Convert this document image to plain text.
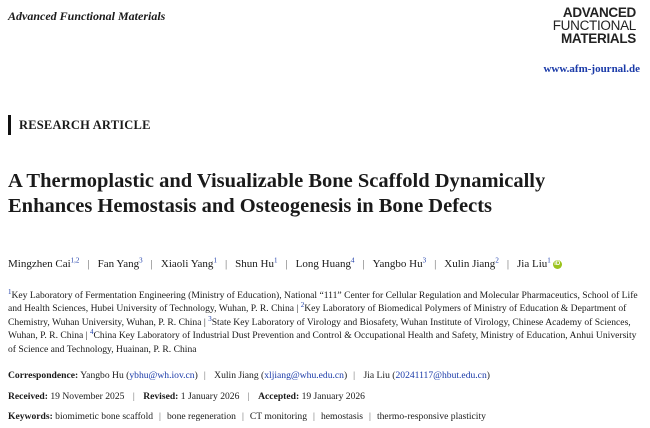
Advanced Functional Materials	ADVANCED
FUNCTIONAL
MATERIALS
www.afm-journal.de
RESEARCH ARTICLE
A Thermoplastic and Visualizable Bone Scaffold Dynamically Enhances Hemostasis and Osteogenesis in Bone Defects
Mingzhen Cai$^{1,2}$ | Fan Yang$^3$ | Xiaoli Yang$^1$ | Shun Hu$^1$ | Long Huang$^4$ | Yangbo Hu$^3$ | Xulin Jiang$^2$ | Jia Liu$^1$ iD
$^1$Key Laboratory of Fermentation Engineering (Ministry of Education), National “111” Center for Cellular Regulation and Molecular Pharmaceutics, School of Life and Health Sciences, Hubei University of Technology, Wuhan, P. R. China | $^2$Key Laboratory of Biomedical Polymers of Ministry of Education & Department of Chemistry, Wuhan University, Wuhan, P. R. China | $^3$State Key Laboratory of Virology and Biosafety, Wuhan Institute of Virology, Chinese Academy of Sciences, Wuhan, P. R. China | $^4$China Key Laboratory of Industrial Dust Prevention and Control & Occupational Health and Safety, Ministry of Education, Anhui University of Science and Technology, Huainan, P. R. China
Correspondence: Yangbo Hu (ybhu@wh.iov.cn) | Xulin Jiang (xljiang@whu.edu.cn) | Jia Liu (20241117@hbut.edu.cn)
Received: 19 November 2025 | Revised: 1 January 2026 | Accepted: 19 January 2026
Keywords: biomimetic bone scaffold | bone regeneration | CT monitoring | hemostasis | thermo-responsive plasticity
